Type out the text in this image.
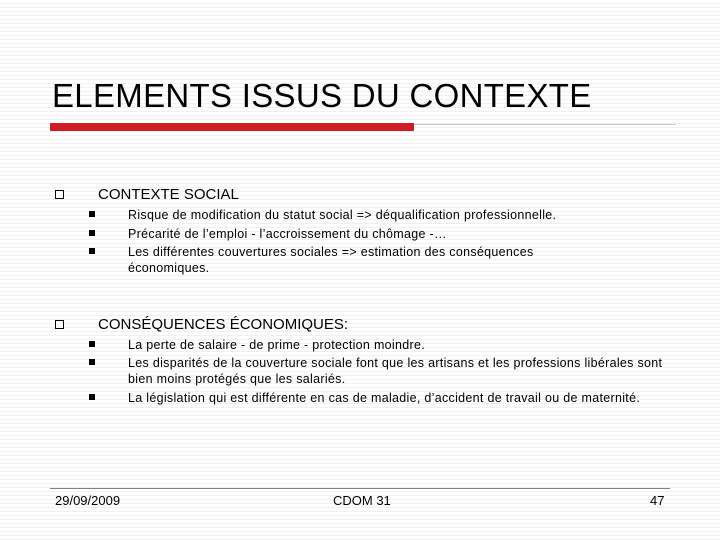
ELEMENTS ISSUS DU CONTEXTE
CONTEXTE SOCIAL
Risque de modification du statut social => déqualification professionnelle.
Précarité de l’emploi - l’accroissement du chômage -…
Les différentes couvertures sociales => estimation des conséquences économiques.
CONSÉQUENCES ÉCONOMIQUES:
La perte de salaire - de prime - protection moindre.
Les disparités de la couverture sociale font que les artisans et les professions libérales sont bien moins protégés que les salariés.
La législation qui est différente en cas de maladie, d’accident de travail ou de maternité.
29/09/2009	CDOM 31	47
